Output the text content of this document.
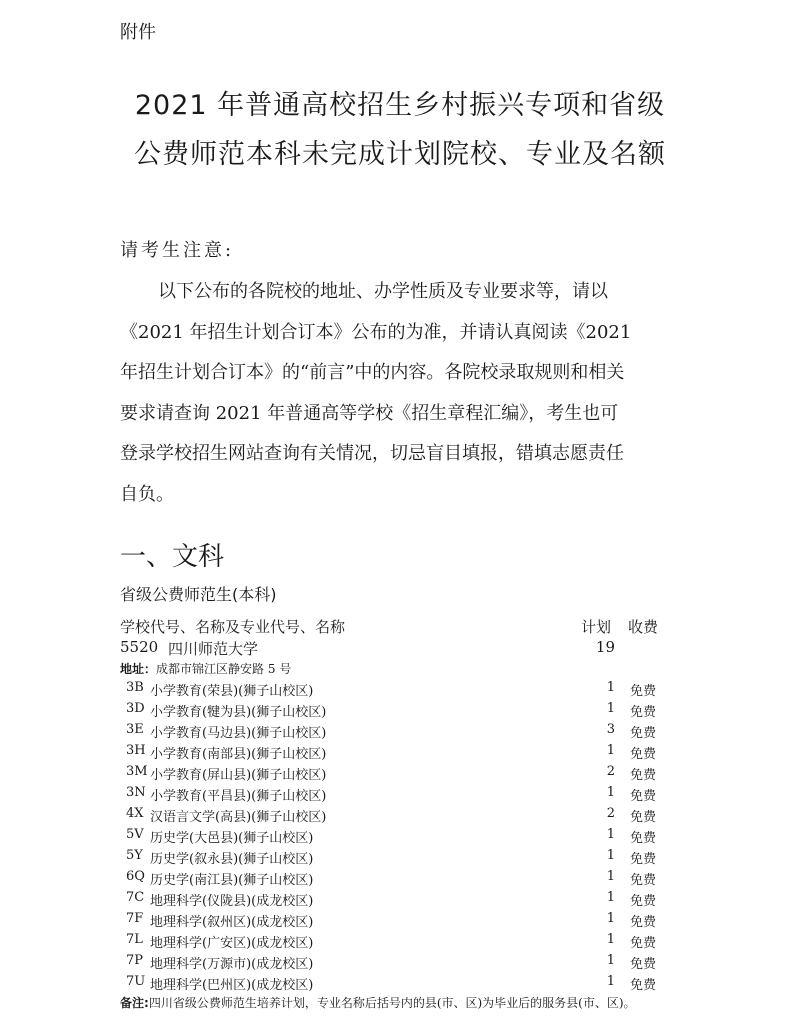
附件
2021 年普通高校招生乡村振兴专项和省级
公费师范本科未完成计划院校、专业及名额
请考生注意:
以下公布的各院校的地址、办学性质及专业要求等，请以
《2021 年招生计划合订本》公布的为准，并请认真阅读《2021
年招生计划合订本》的“前言”中的内容。各院校录取规则和相关
要求请查询 2021 年普通高等学校《招生章程汇编》，考生也可
登录学校招生网站查询有关情况，切忌盲目填报，错填志愿责任
自负。
一、文科
省级公费师范生(本科)
学校代号、名称及专业代号、名称	计划 收费
5520 四川师范大学	19
地址：成都市锦江区静安路 5 号
3B 小学教育(荣县)(狮子山校区)	1 免费
3D 小学教育(犍为县)(狮子山校区)	1 免费
3E 小学教育(马边县)(狮子山校区)	3 免费
3H 小学教育(南部县)(狮子山校区)	1 免费
3M 小学教育(屏山县)(狮子山校区)	2 免费
3N 小学教育(平昌县)(狮子山校区)	1 免费
4X 汉语言文学(高县)(狮子山校区)	2 免费
5V 历史学(大邑县)(狮子山校区)	1 免费
5Y 历史学(叙永县)(狮子山校区)	1 免费
6Q 历史学(南江县)(狮子山校区)	1 免费
7C 地理科学(仪陇县)(成龙校区)	1 免费
7F 地理科学(叙州区)(成龙校区)	1 免费
7L 地理科学(广安区)(成龙校区)	1 免费
7P 地理科学(万源市)(成龙校区)	1 免费
7U 地理科学(巴州区)(成龙校区)	1 免费
备注:四川省级公费师范生培养计划，专业名称后括号内的县(市、区)为毕业后的服务县(市、区)。
